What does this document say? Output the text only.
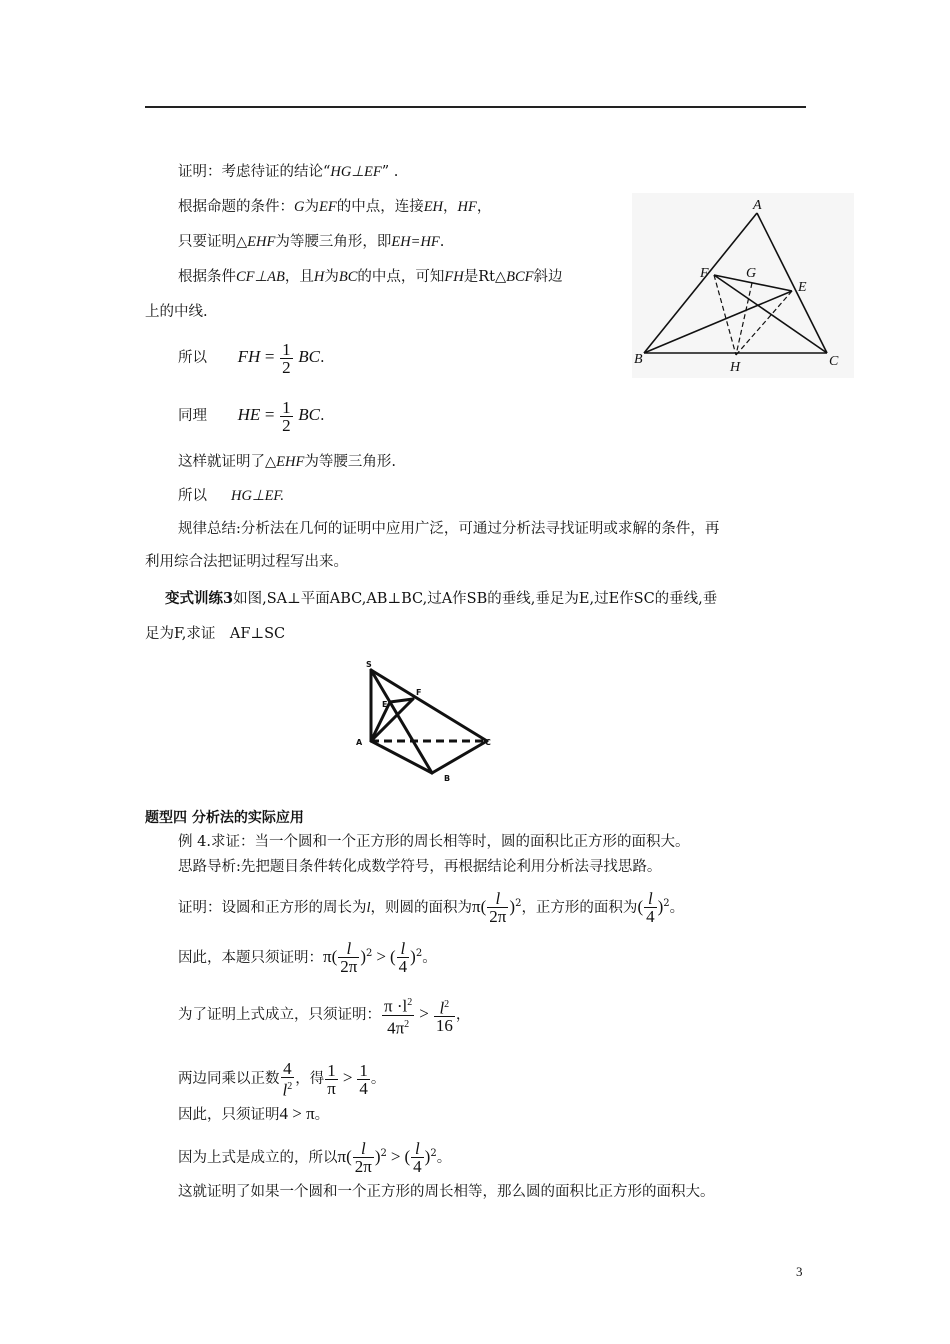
证明：考虑待证的结论“HG⊥EF” .
根据命题的条件：G为EF的中点，连接EH，HF，
只要证明△EHF为等腰三角形，即EH=HF.
根据条件CF⊥AB，且H为BC的中点，可知FH是Rt△BCF斜边
上的中线.
所以 FH = $\frac{1}{2}$ BC.
同理 HE = $\frac{1}{2}$ BC.
这样就证明了△EHF为等腰三角形.
所以 HG⊥EF.
规律总结:分析法在几何的证明中应用广泛，可通过分析法寻找证明或求解的条件，再
利用综合法把证明过程写出来。
A
B	C
E
F	G
H
变式训练3如图,SA⊥平面ABC,AB⊥BC,过A作SB的垂线,垂足为E,过E作SC的垂线,垂
足为F,求证　AF⊥SC
S
F
E
A	C
B
题型四 分析法的实际应用
例 4.求证：当一个圆和一个正方形的周长相等时，圆的面积比正方形的面积大。
思路导析:先把题目条件转化成数学符号，再根据结论利用分析法寻找思路。
证明：设圆和正方形的周长为l，则圆的面积为$\pi( \frac{l}{2\pi} )^2$，正方形的面积为( $\frac{l}{4} )^2$。
因此，本题只须证明：$\pi( \frac{l}{2\pi} )^2$ > ( $\frac{l}{4} )^2$。
为了证明上式成立，只须证明： $\frac{\pi \cdot l^2}{4\pi^2} > \frac{l^2}{16}$ ，
两边同乘以正数 $\frac{4}{l^2}$ ，得 $\frac{1}{\pi} > \frac{1}{4}$ 。
因此，只须证明4 > π。
因为上式是成立的，所以$\pi( \frac{l}{2\pi} )^2$ > ( $\frac{l}{4} )^2$。
这就证明了如果一个圆和一个正方形的周长相等，那么圆的面积比正方形的面积大。
3
